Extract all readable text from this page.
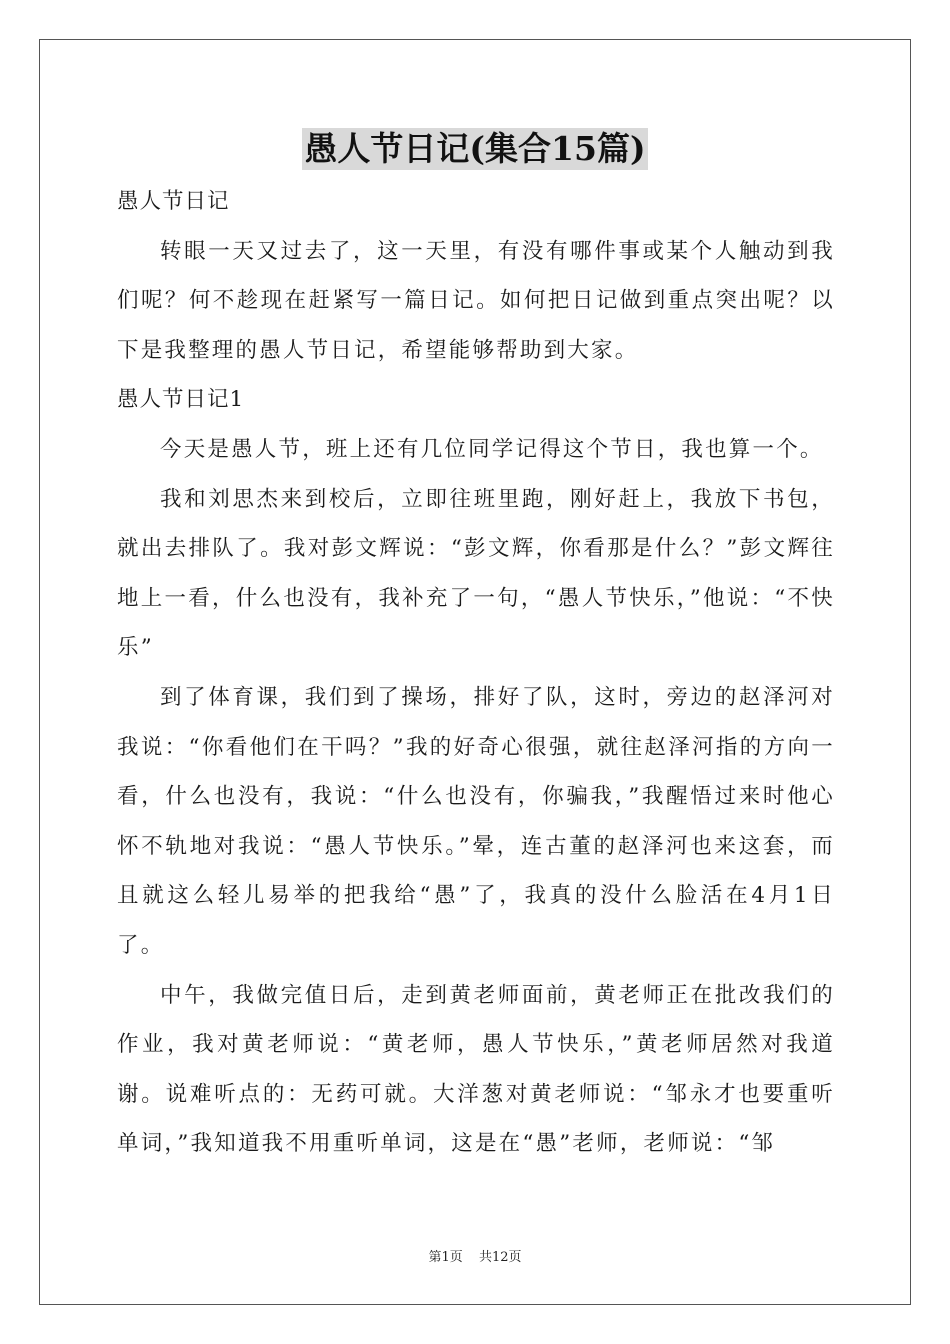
愚人节日记(集合15篇)

愚人节日记

转眼一天又过去了，这一天里，有没有哪件事或某个人触动到我们呢？何不趁现在赶紧写一篇日记。如何把日记做到重点突出呢？以下是我整理的愚人节日记，希望能够帮助到大家。

愚人节日记1

今天是愚人节，班上还有几位同学记得这个节日，我也算一个。

我和刘思杰来到校后，立即往班里跑，刚好赶上，我放下书包，就出去排队了。我对彭文辉说：“彭文辉，你看那是什么？”彭文辉往地上一看，什么也没有，我补充了一句，“愚人节快乐，”他说：“不快乐”

到了体育课，我们到了操场，排好了队，这时，旁边的赵泽河对我说：“你看他们在干吗？”我的好奇心很强，就往赵泽河指的方向一看，什么也没有，我说：“什么也没有，你骗我，”我醒悟过来时他心怀不轨地对我说：“愚人节快乐。”晕，连古董的赵泽河也来这套，而且就这么轻儿易举的把我给“愚”了，我真的没什么脸活在4月1日了。

中午，我做完值日后，走到黄老师面前，黄老师正在批改我们的作业，我对黄老师说：“黄老师，愚人节快乐，”黄老师居然对我道谢。说难听点的：无药可就。大洋葱对黄老师说：“邹永才也要重听单词，”我知道我不用重听单词，这是在“愚”老师，老师说：“邹

第1页 共12页
